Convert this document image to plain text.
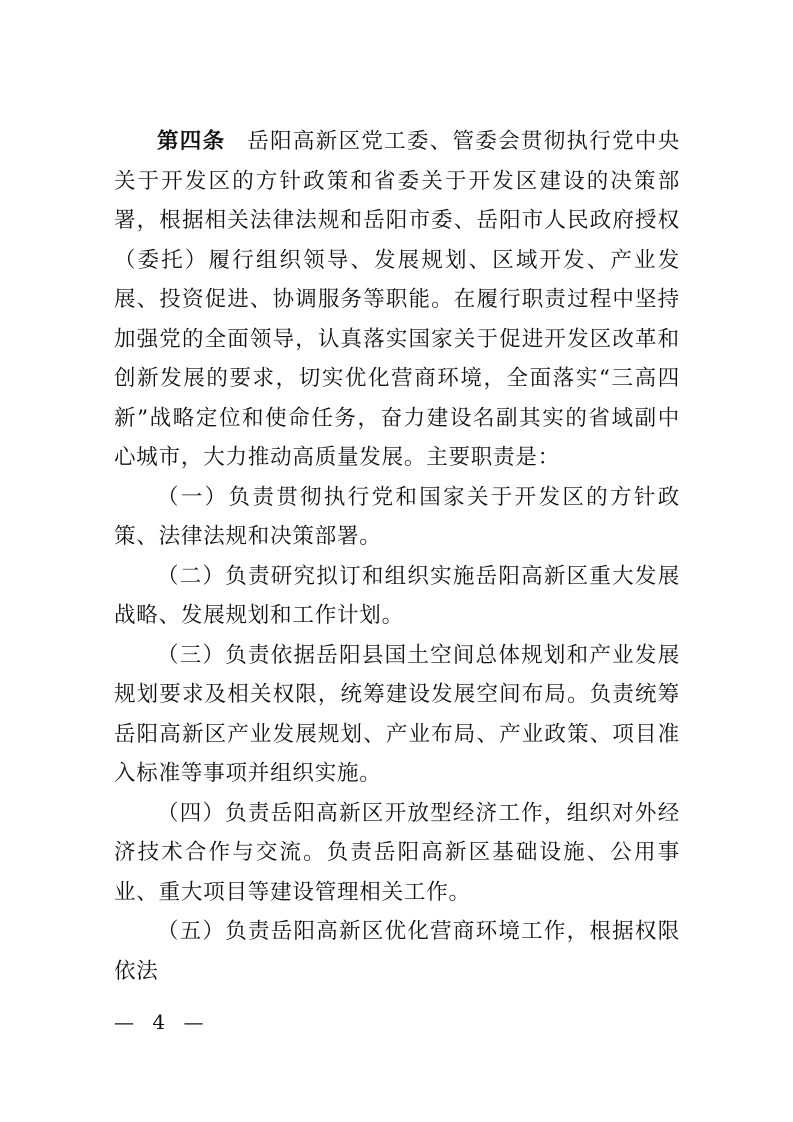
第四条 岳阳高新区党工委、管委会贯彻执行党中央关于开发区的方针政策和省委关于开发区建设的决策部署，根据相关法律法规和岳阳市委、岳阳市人民政府授权（委托）履行组织领导、发展规划、区域开发、产业发展、投资促进、协调服务等职能。在履行职责过程中坚持加强党的全面领导，认真落实国家关于促进开发区改革和创新发展的要求，切实优化营商环境，全面落实“三高四新”战略定位和使命任务，奋力建设名副其实的省域副中心城市，大力推动高质量发展。主要职责是：

（一）负责贯彻执行党和国家关于开发区的方针政策、法律法规和决策部署。

（二）负责研究拟订和组织实施岳阳高新区重大发展战略、发展规划和工作计划。

（三）负责依据岳阳县国土空间总体规划和产业发展规划要求及相关权限，统筹建设发展空间布局。负责统筹岳阳高新区产业发展规划、产业布局、产业政策、项目准入标准等事项并组织实施。

（四）负责岳阳高新区开放型经济工作，组织对外经济技术合作与交流。负责岳阳高新区基础设施、公用事业、重大项目等建设管理相关工作。

（五）负责岳阳高新区优化营商环境工作，根据权限依法

— 4 —
